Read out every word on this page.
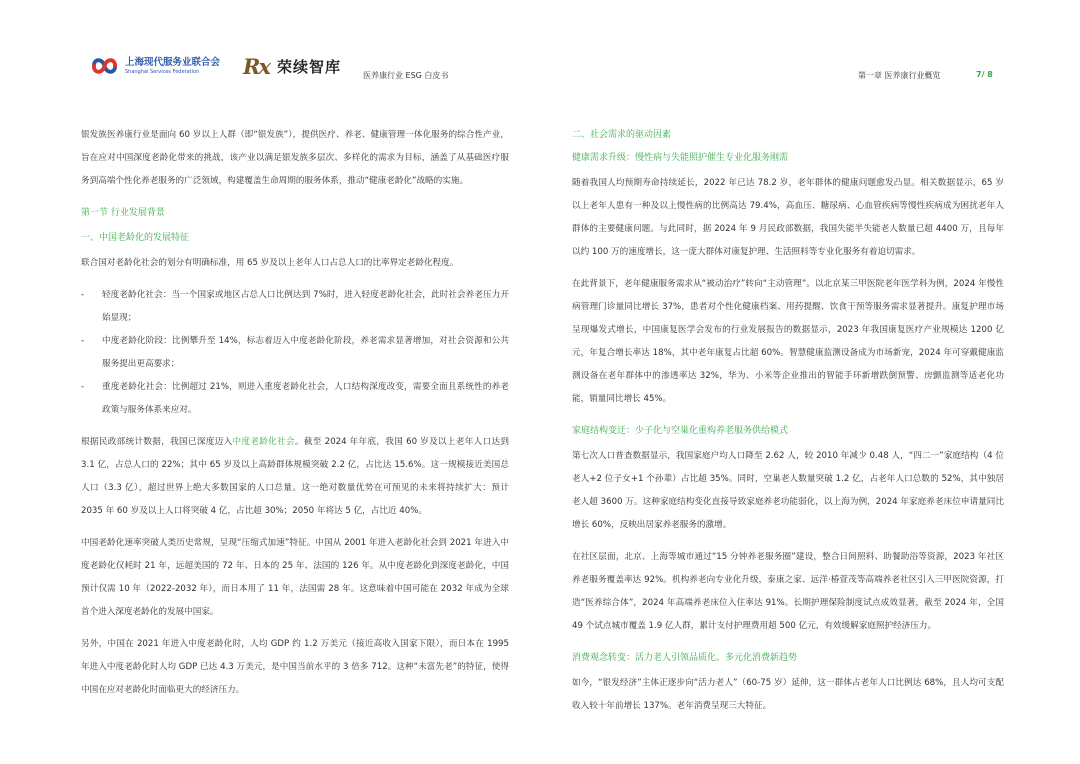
上海现代服务业联合会
Shanghai Services Federation	Rx 荣续智库	医养康行业 ESG 白皮书	第一章 医养康行业概览	7/ 8

银发族医养康行业是面向 60 岁以上人群（即“银发族”），提供医疗、养老、健康管理一体化服务的综合性产业，旨在应对中国深度老龄化带来的挑战，该产业以满足银发族多层次、多样化的需求为目标，涵盖了从基础医疗服务到高端个性化养老服务的广泛领域，构建覆盖生命周期的服务体系，推动“健康老龄化”战略的实施。

第一节 行业发展背景
一、中国老龄化的发展特征

联合国对老龄化社会的划分有明确标准，用 65 岁及以上老年人口占总人口的比率界定老龄化程度。

- 轻度老龄化社会：当一个国家或地区占总人口比例达到 7%时，进入轻度老龄化社会，此时社会养老压力开始显现；
- 中度老龄化阶段：比例攀升至 14%，标志着迈入中度老龄化阶段，养老需求显著增加，对社会资源和公共服务提出更高要求；
- 重度老龄化社会：比例超过 21%，则进入重度老龄化社会，人口结构深度改变，需要全面且系统性的养老政策与服务体系来应对。

根据民政部统计数据，我国已深度迈入中度老龄化社会。截至 2024 年年底，我国 60 岁及以上老年人口达到 3.1 亿，占总人口的 22%；其中 65 岁及以上高龄群体规模突破 2.2 亿，占比达 15.6%。这一规模接近美国总人口（3.3 亿），超过世界上绝大多数国家的人口总量。这一绝对数量优势在可预见的未来将持续扩大：预计 2035 年 60 岁及以上人口将突破 4 亿，占比超 30%；2050 年将达 5 亿，占比近 40%。

中国老龄化速率突破人类历史常规，呈现“压缩式加速”特征。中国从 2001 年进入老龄化社会到 2021 年进入中度老龄化仅耗时 21 年，远超美国的 72 年、日本的 25 年、法国的 126 年。从中度老龄化到深度老龄化，中国预计仅需 10 年（2022-2032 年），而日本用了 11 年，法国需 28 年。这意味着中国可能在 2032 年成为全球首个进入深度老龄化的发展中国家。

另外，中国在 2021 年进入中度老龄化时，人均 GDP 约 1.2 万美元（接近高收入国家下限），而日本在 1995 年进入中度老龄化时人均 GDP 已达 4.3 万美元，是中国当前水平的 3 倍多 712。这种“未富先老”的特征，使得中国在应对老龄化时面临更大的经济压力。

二、社会需求的驱动因素
健康需求升级：慢性病与失能照护催生专业化服务刚需

随着我国人均预期寿命持续延长，2022 年已达 78.2 岁，老年群体的健康问题愈发凸显。相关数据显示，65 岁以上老年人患有一种及以上慢性病的比例高达 79.4%，高血压、糖尿病、心血管疾病等慢性疾病成为困扰老年人群体的主要健康问题。与此同时，据 2024 年 9 月民政部数据，我国失能半失能老人数量已超 4400 万，且每年以约 100 万的速度增长，这一庞大群体对康复护理、生活照料等专业化服务有着迫切需求。

在此背景下，老年健康服务需求从“被动治疗”转向“主动管理”。以北京某三甲医院老年医学科为例，2024 年慢性病管理门诊量同比增长 37%，患者对个性化健康档案、用药提醒、饮食干预等服务需求显著提升。康复护理市场呈现爆发式增长，中国康复医学会发布的行业发展报告的数据显示，2023 年我国康复医疗产业规模达 1200 亿元，年复合增长率达 18%，其中老年康复占比超 60%。智慧健康监测设备成为市场新宠，2024 年可穿戴健康监测设备在老年群体中的渗透率达 32%，华为、小米等企业推出的智能手环新增跌倒预警、房颤监测等适老化功能，销量同比增长 45%。

家庭结构变迁：少子化与空巢化重构养老服务供给模式

第七次人口普查数据显示，我国家庭户均人口降至 2.62 人，较 2010 年减少 0.48 人，“四二一”家庭结构（4 位老人+2 位子女+1 个孙辈）占比超 35%。同时，空巢老人数量突破 1.2 亿，占老年人口总数的 52%，其中独居老人超 3600 万。这种家庭结构变化直接导致家庭养老功能弱化，以上海为例，2024 年家庭养老床位申请量同比增长 60%，反映出居家养老服务的激增。

在社区层面，北京、上海等城市通过“15 分钟养老服务圈”建设，整合日间照料、助餐助浴等资源，2023 年社区养老服务覆盖率达 92%。机构养老向专业化升级，泰康之家、远洋·椿萱茂等高端养老社区引入三甲医院资源，打造“医养综合体”，2024 年高端养老床位入住率达 91%。长期护理保险制度试点成效显著，截至 2024 年，全国 49 个试点城市覆盖 1.9 亿人群，累计支付护理费用超 500 亿元，有效缓解家庭照护经济压力。

消费观念转变：活力老人引领品质化、多元化消费新趋势

如今，“银发经济”主体正逐步向“活力老人”（60-75 岁）延伸，这一群体占老年人口比例达 68%，且人均可支配收入较十年前增长 137%。老年消费呈现三大特征。
